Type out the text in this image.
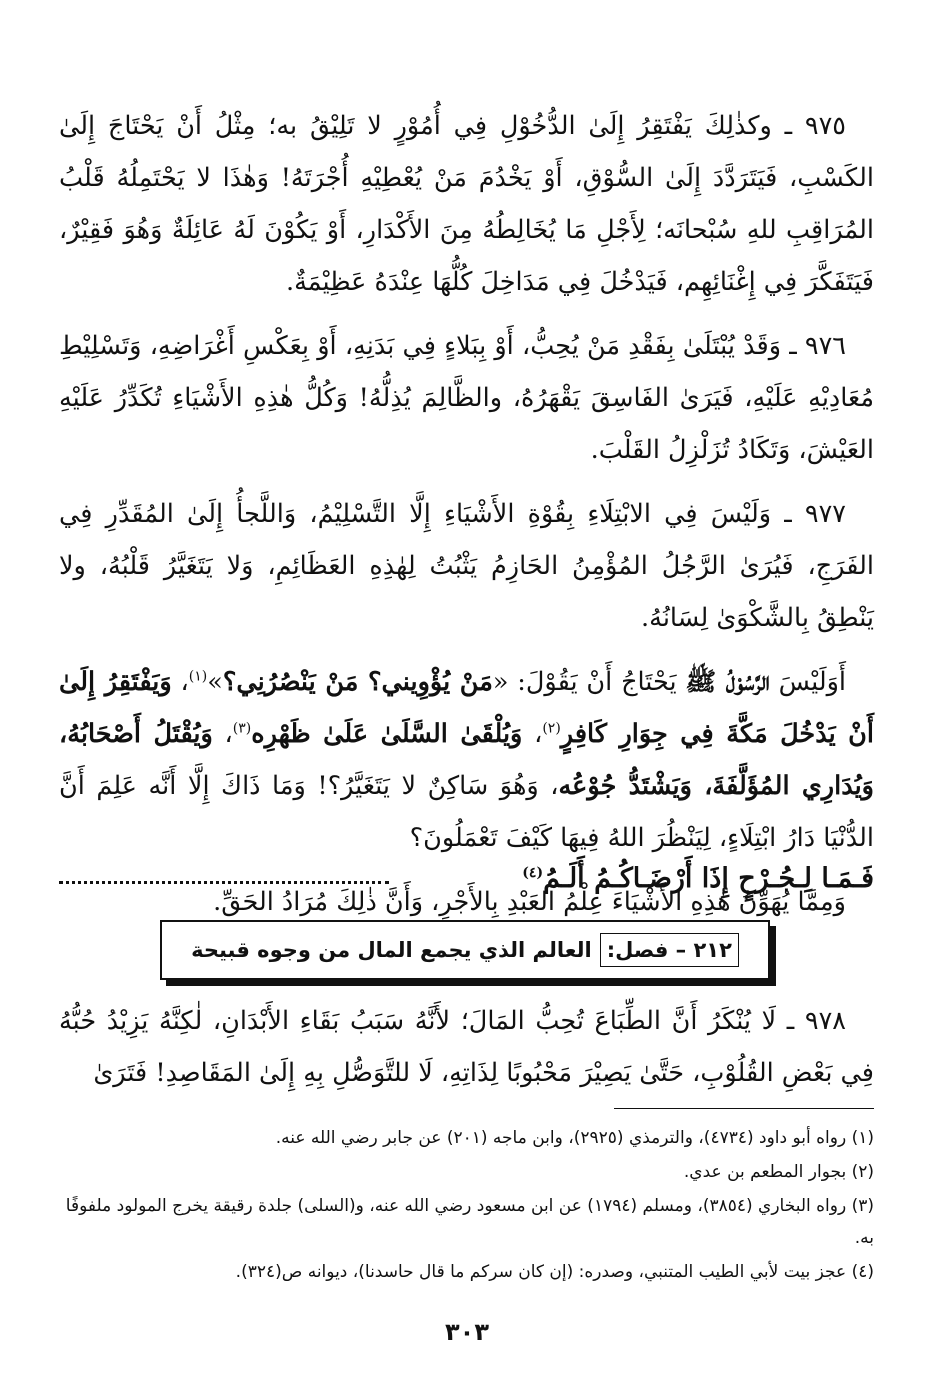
٩٧٥ ـ وكذٰلِكَ يَفْتَقِرُ إِلَىٰ الدُّخُوْلِ فِي أُمُوْرٍ لا تَلِيْقُ به؛ مِثْلُ أَنْ يَحْتَاجَ إِلَىٰ الكَسْبِ، فَيَتَرَدَّدَ إِلَىٰ السُّوْقِ، أَوْ يَخْدُمَ مَنْ يُعْطِيْهِ أُجْرَتَهُ! وَهٰذَا لا يَحْتَمِلُهُ قَلْبُ المُرَاقِبِ للهِ سُبْحانَه؛ لِأَجْلِ مَا يُخَالِطُهُ مِنَ الأَكْدَارِ، أَوْ يَكُوْنَ لَهُ عَائِلَةٌ وَهُوَ فَقِيْرٌ، فَيَتَفَكَّرَ فِي إِغْنَائِهِم، فَيَدْخُلَ فِي مَدَاخِلَ كُلُّهَا عِنْدَهُ عَظِيْمَةٌ.

٩٧٦ ـ وَقَدْ يُبْتَلَىٰ بِفَقْدِ مَنْ يُحِبُّ، أَوْ بِبَلاءٍ فِي بَدَنِهِ، أَوْ بِعَكْسِ أَغْرَاضِهِ، وَتَسْلِيْطِ مُعَادِيْهِ عَلَيْهِ، فَيَرَىٰ الفَاسِقَ يَقْهَرُهُ، والظَّالِمَ يُذِلُّهُ! وَكُلُّ هٰذِهِ الأَشْيَاءِ تُكَدِّرُ عَلَيْهِ العَيْشَ، وَتَكَادُ تُزَلْزِلُ القَلْبَ.

٩٧٧ ـ وَلَيْسَ فِي الابْتِلَاءِ بِقُوْةِ الأَشْيَاءِ إِلَّا التَّسْلِيْمُ، وَاللَّجأُ إِلَىٰ المُقَدِّرِ فِي الفَرَجِ، فَيُرَىٰ الرَّجُلُ المُؤْمِنُ الحَازِمُ يَثْبُتُ لِهٰذِهِ العَظَائِمِ، وَلا يَتَغَيَّرُ قَلْبُهُ، ولا يَنْطِقُ بِالشَّكْوَىٰ لِسَانُهُ.

أَوَلَيْسَ الرَّسُوْلُ ﷺ يَحْتَاجُ أَنْ يَقُوْلَ: «مَنْ يُؤْوِيني؟ مَنْ يَنْصُرُنِي؟»$^{(١)}$، وَيَفْتَقِرُ إِلَىٰ أَنْ يَدْخُلَ مَكَّةَ فِي جِوَارِ كَافِرٍ$^{(٢)}$، وَيُلْقَىٰ السَّلَىٰ عَلَىٰ ظَهْرِه$^{(٣)}$، وَيُقْتَلُ أَصْحَابُهُ، وَيُدَارِي المُؤَلَّفَةَ، وَيَشْتَدُّ جُوْعُه، وَهُوَ سَاكِنٌ لا يَتَغَيَّرُ؟! وَمَا ذَاكَ إِلَّا أَنَّه عَلِمَ أَنَّ الدُّنْيَا دَارُ ابْتِلَاءٍ، لِيَنْظُرَ اللهُ فِيهَا كَيْفَ تَعْمَلُونَ؟

وَمِمَّا يُهَوِّنُ هٰذِهِ الأَشْيَاءَ عِلْمُ العَبْدِ بِالأَجْرِ، وَأَنَّ ذٰلِكَ مُرَادُ الحَقِّ.

فَـمَـا لِـجُـرْحٍ إِذَا أَرْضَـاكُـمُ أَلَـمُ$^{(٤)}$
٢١٢ – فصل:
العالم الذي يجمع المال من وجوه قبيحة

٩٧٨ ـ لَا يُنْكَرُ أَنَّ الطِّبَاعَ تُحِبُّ المَالَ؛ لأَنَّهُ سَبَبُ بَقَاءِ الأَبْدَانِ، لٰكِنَّهُ يَزِيْدُ حُبُّهُ فِي بَعْضِ القُلُوْبِ، حَتَّىٰ يَصِيْرَ مَحْبُوبًا لِذَاتِهِ، لَا للتَّوَصُّلِ بِهِ إِلَىٰ المَقَاصِدِ! فَتَرَىٰ

(١) رواه أبو داود (٤٧٣٤)، والترمذي (٢٩٢٥)، وابن ماجه (٢٠١) عن جابر رضي الله عنه.

(٢) بجوار المطعم بن عدي.

(٣) رواه البخاري (٣٨٥٤)، ومسلم (١٧٩٤) عن ابن مسعود رضي الله عنه، و(السلى) جلدة رقيقة يخرج المولود ملفوفًا به.

(٤) عجز بيت لأبي الطيب المتنبي، وصدره: (إن كان سركم ما قال حاسدنا)، ديوانه ص(٣٢٤).

٣٠٣
